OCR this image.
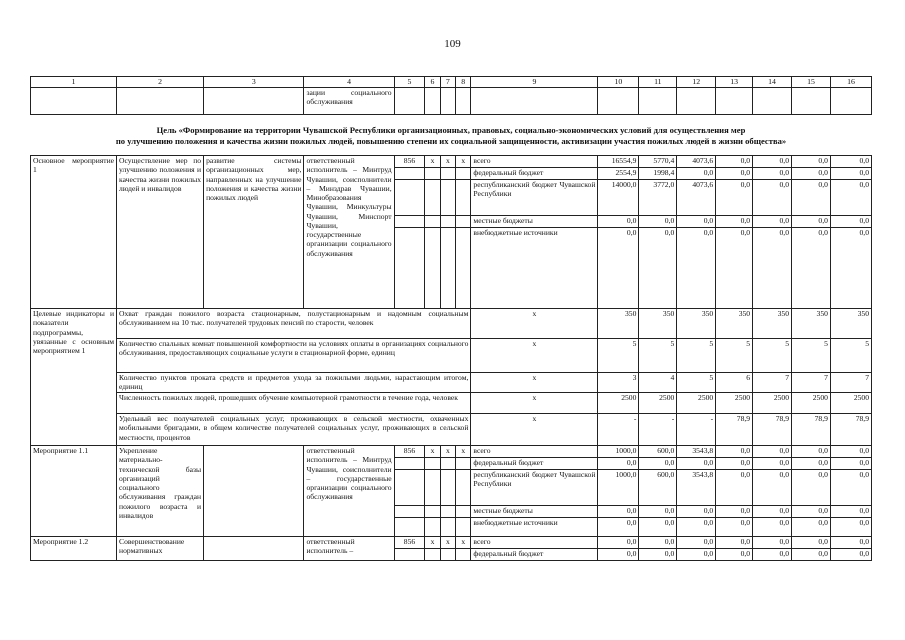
109
1	2	3	4	5	6	7	8	9	10	11	12	13	14	15	16
			зации социального обслуживания												
Цель «Формирование на территории Чувашской Республики организационных, правовых, социально-экономических условий для осуществления мер
по улучшению положения и качества жизни пожилых людей, повышению степени их социальной защищенности, активизации участия пожилых людей в жизни общества»
Основное мероприятие 1	Осуществление мер по улучшению положения и качества жизни пожилых людей и инвалидов	развитие системы организационных мер, направленных на улучшение положения и качества жизни пожилых людей	ответственный исполнитель – Минтруд Чувашии, соисполнители – Минздрав Чувашии, Минобразования Чувашии, Минкультуры Чувашии, Минспорт Чувашии, государственные организации социального обслуживания	856	x	x	x	всего	16554,9	5770,4	4073,6	0,0	0,0	0,0	0,0
								федеральный бюджет	2554,9	1998,4	0,0	0,0	0,0	0,0	0,0
								республиканский бюджет Чувашской Республики	14000,0	3772,0	4073,6	0,0	0,0	0,0	0,0
								местные бюджеты	0,0	0,0	0,0	0,0	0,0	0,0	0,0
								внебюджетные источники	0,0	0,0	0,0	0,0	0,0	0,0	0,0
Целевые индикаторы и показатели подпрограммы, увязанные с основным мероприятием 1	Охват граждан пожилого возраста стационарным, полустационарным и надомным социальным обслуживанием на 10 тыс. получателей трудовых пенсий по старости, человек							x	350	350	350	350	350	350	350
	Количество спальных комнат повышенной комфортности на условиях оплаты в организациях социального обслуживания, предоставляющих социальные услуги в стационарной форме, единиц							x	5	5	5	5	5	5	5
	Количество пунктов проката средств и предметов ухода за пожилыми людьми, нарастающим итогом, единиц							x	3	4	5	6	7	7	7
	Численность пожилых людей, прошедших обучение компьютерной грамотности в течение года, человек							x	2500	2500	2500	2500	2500	2500	2500
	Удельный вес получателей социальных услуг, проживающих в сельской местности, охваченных мобильными бригадами, в общем количестве получателей социальных услуг, проживающих в сельской местности, процентов							x	-	-	-	78,9	78,9	78,9	78,9
Мероприятие 1.1	Укрепление материально-технической базы организаций социального обслуживания граждан пожилого возраста и инвалидов		ответственный исполнитель – Минтруд Чувашии, соисполнители – государственные организации социального обслуживания	856	x	x	x	всего	1000,0	600,0	3543,8	0,0	0,0	0,0	0,0
								федеральный бюджет	0,0	0,0	0,0	0,0	0,0	0,0	0,0
								республиканский бюджет Чувашской Республики	1000,0	600,0	3543,8	0,0	0,0	0,0	0,0
								местные бюджеты	0,0	0,0	0,0	0,0	0,0	0,0	0,0
								внебюджетные источники	0,0	0,0	0,0	0,0	0,0	0,0	0,0
Мероприятие 1.2	Совершенствование нормативных		ответственный исполнитель –	856	x	x	x	всего	0,0	0,0	0,0	0,0	0,0	0,0	0,0
								федеральный бюджет	0,0	0,0	0,0	0,0	0,0	0,0	0,0
